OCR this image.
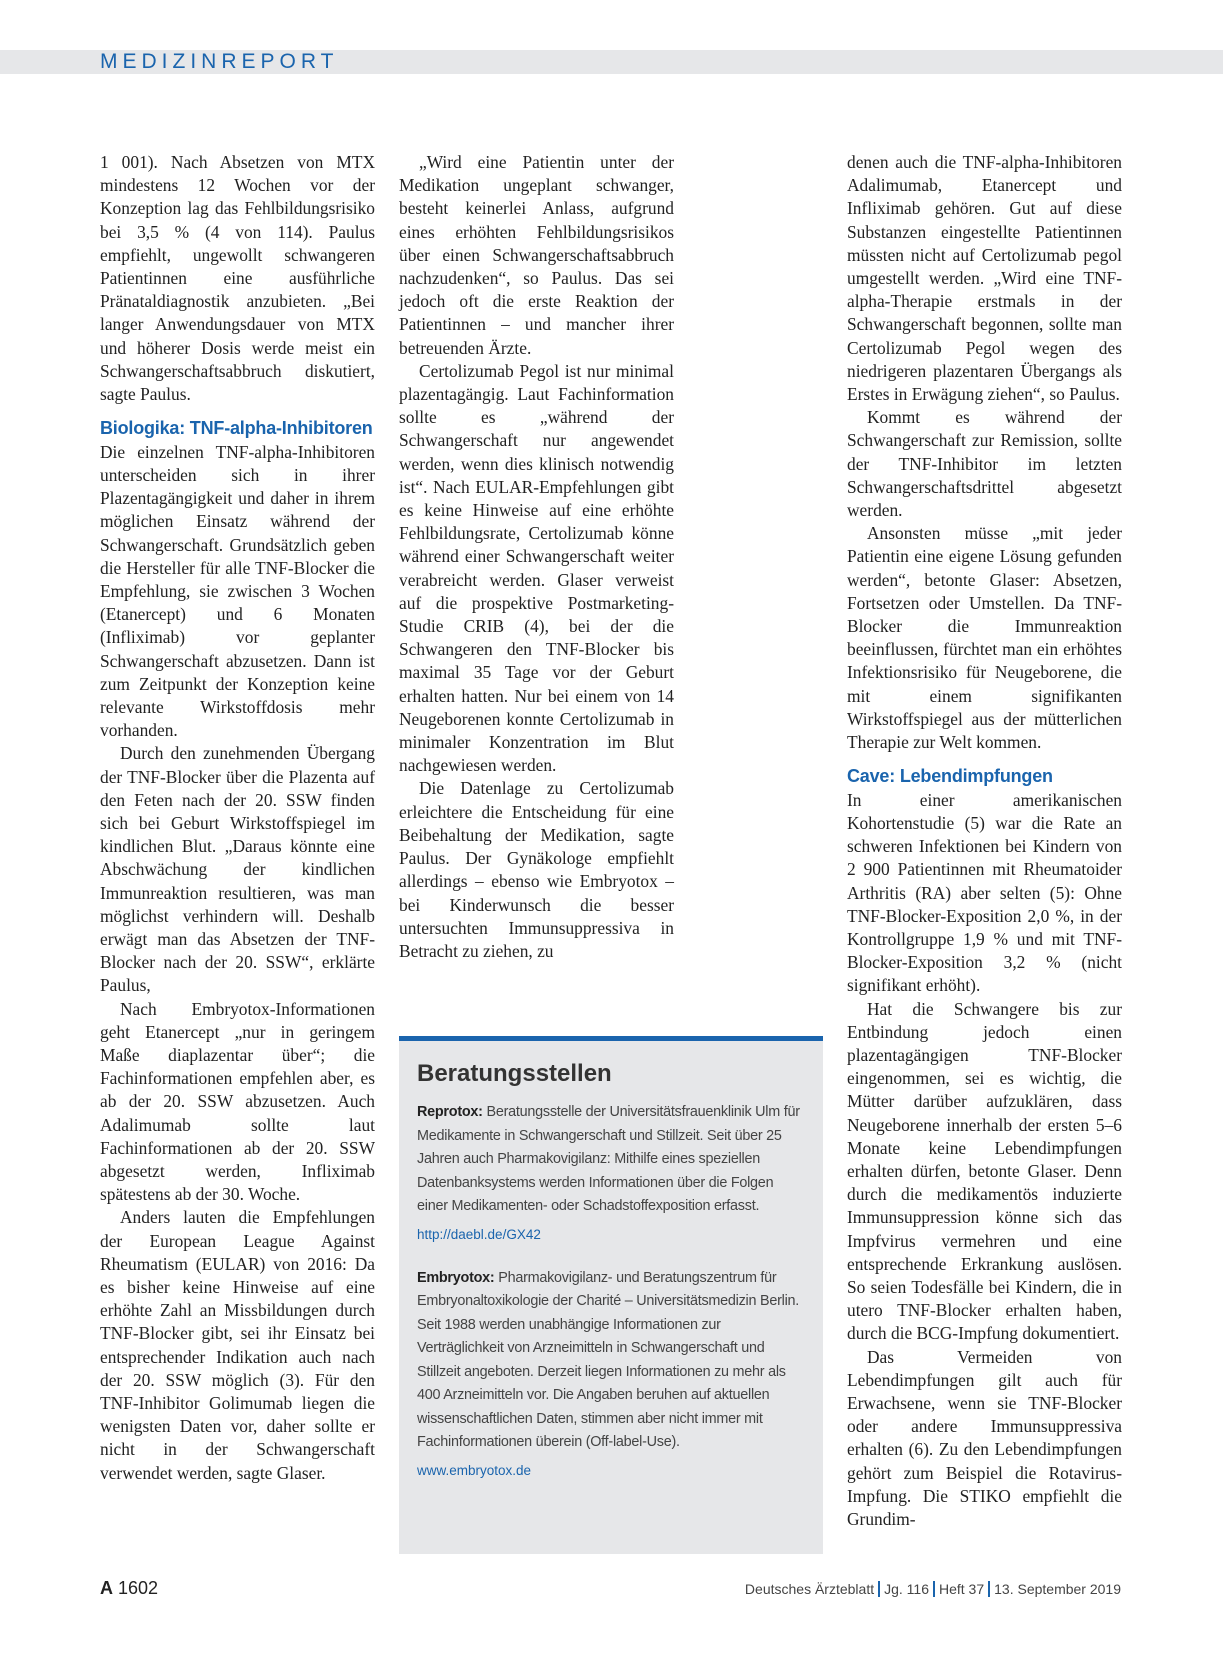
MEDIZINREPORT

1 001). Nach Absetzen von MTX mindestens 12 Wochen vor der Konzeption lag das Fehlbildungsrisiko bei 3,5 % (4 von 114). Paulus empfiehlt, ungewollt schwangeren Patientinnen eine ausführliche Pränataldiagnostik anzubieten. „Bei langer Anwendungsdauer von MTX und höherer Dosis werde meist ein Schwangerschaftsabbruch diskutiert, sagte Paulus.

Biologika: TNF-alpha-Inhibitoren

Die einzelnen TNF-alpha-Inhibitoren unterscheiden sich in ihrer Plazentagängigkeit und daher in ihrem möglichen Einsatz während der Schwangerschaft. Grundsätzlich geben die Hersteller für alle TNF-Blocker die Empfehlung, sie zwischen 3 Wochen (Etanercept) und 6 Monaten (Infliximab) vor geplanter Schwangerschaft abzusetzen. Dann ist zum Zeitpunkt der Konzeption keine relevante Wirkstoffdosis mehr vorhanden.

Durch den zunehmenden Übergang der TNF-Blocker über die Plazenta auf den Feten nach der 20. SSW finden sich bei Geburt Wirkstoffspiegel im kindlichen Blut. „Daraus könnte eine Abschwächung der kindlichen Immunreaktion resultieren, was man möglichst verhindern will. Deshalb erwägt man das Absetzen der TNF-Blocker nach der 20. SSW“, erklärte Paulus,

Nach Embryotox-Informationen geht Etanercept „nur in geringem Maße diaplazentar über“; die Fachinformationen empfehlen aber, es ab der 20. SSW abzusetzen. Auch Adalimumab sollte laut Fachinformationen ab der 20. SSW abgesetzt werden, Infliximab spätestens ab der 30. Woche.

Anders lauten die Empfehlungen der European League Against Rheumatism (EULAR) von 2016: Da es bisher keine Hinweise auf eine erhöhte Zahl an Missbildungen durch TNF-Blocker gibt, sei ihr Einsatz bei entsprechender Indikation auch nach der 20. SSW möglich (3). Für den TNF-Inhibitor Golimumab liegen die wenigsten Daten vor, daher sollte er nicht in der Schwangerschaft verwendet werden, sagte Glaser.

„Wird eine Patientin unter der Medikation ungeplant schwanger, besteht keinerlei Anlass, aufgrund eines erhöhten Fehlbildungsrisikos über einen Schwangerschaftsabbruch nachzudenken“, so Paulus. Das sei jedoch oft die erste Reaktion der Patientinnen – und mancher ihrer betreuenden Ärzte.

Certolizumab Pegol ist nur minimal plazentagängig. Laut Fachinformation sollte es „während der Schwangerschaft nur angewendet werden, wenn dies klinisch notwendig ist“. Nach EULAR-Empfehlungen gibt es keine Hinweise auf eine erhöhte Fehlbildungsrate, Certolizumab könne während einer Schwangerschaft weiter verabreicht werden. Glaser verweist auf die prospektive Postmarketing-Studie CRIB (4), bei der die Schwangeren den TNF-Blocker bis maximal 35 Tage vor der Geburt erhalten hatten. Nur bei einem von 14 Neugeborenen konnte Certolizumab in minimaler Konzentration im Blut nachgewiesen werden.

Die Datenlage zu Certolizumab erleichtere die Entscheidung für eine Beibehaltung der Medikation, sagte Paulus. Der Gynäkologe empfiehlt allerdings – ebenso wie Embryotox – bei Kinderwunsch die besser untersuchten Immunsuppressiva in Betracht zu ziehen, zu

Beratungsstellen

Reprotox: Beratungsstelle der Universitätsfrauenklinik Ulm für Medikamente in Schwangerschaft und Stillzeit. Seit über 25 Jahren auch Pharmakovigilanz: Mithilfe eines speziellen Datenbanksystems werden Informationen über die Folgen einer Medikamenten- oder Schadstoffexposition erfasst.

http://daebl.de/GX42

Embryotox: Pharmakovigilanz- und Beratungszentrum für Embryonaltoxikologie der Charité – Universitätsmedizin Berlin. Seit 1988 werden unabhängige Informationen zur Verträglichkeit von Arzneimitteln in Schwangerschaft und Stillzeit angeboten. Derzeit liegen Informationen zu mehr als 400 Arzneimitteln vor. Die Angaben beruhen auf aktuellen wissenschaftlichen Daten, stimmen aber nicht immer mit Fachinformationen überein (Off-label-Use).

www.embryotox.de

denen auch die TNF-alpha-Inhibitoren Adalimumab, Etanercept und Infliximab gehören. Gut auf diese Substanzen eingestellte Patientinnen müssten nicht auf Certolizumab pegol umgestellt werden. „Wird eine TNF-alpha-Therapie erstmals in der Schwangerschaft begonnen, sollte man Certolizumab Pegol wegen des niedrigeren plazentaren Übergangs als Erstes in Erwägung ziehen“, so Paulus.

Kommt es während der Schwangerschaft zur Remission, sollte der TNF-Inhibitor im letzten Schwangerschaftsdrittel abgesetzt werden.

Ansonsten müsse „mit jeder Patientin eine eigene Lösung gefunden werden“, betonte Glaser: Absetzen, Fortsetzen oder Umstellen. Da TNF-Blocker die Immunreaktion beeinflussen, fürchtet man ein erhöhtes Infektionsrisiko für Neugeborene, die mit einem signifikanten Wirkstoffspiegel aus der mütterlichen Therapie zur Welt kommen.

Cave: Lebendimpfungen

In einer amerikanischen Kohortenstudie (5) war die Rate an schweren Infektionen bei Kindern von 2 900 Patientinnen mit Rheumatoider Arthritis (RA) aber selten (5): Ohne TNF-Blocker-Exposition 2,0 %, in der Kontrollgruppe 1,9 % und mit TNF-Blocker-Exposition 3,2 % (nicht signifikant erhöht).

Hat die Schwangere bis zur Entbindung jedoch einen plazentagängigen TNF-Blocker eingenommen, sei es wichtig, die Mütter darüber aufzuklären, dass Neugeborene innerhalb der ersten 5–6 Monate keine Lebendimpfungen erhalten dürfen, betonte Glaser. Denn durch die medikamentös induzierte Immunsuppression könne sich das Impfvirus vermehren und eine entsprechende Erkrankung auslösen. So seien Todesfälle bei Kindern, die in utero TNF-Blocker erhalten haben, durch die BCG-Impfung dokumentiert.

Das Vermeiden von Lebendimpfungen gilt auch für Erwachsene, wenn sie TNF-Blocker oder andere Immunsuppressiva erhalten (6). Zu den Lebendimpfungen gehört zum Beispiel die Rotavirus-Impfung. Die STIKO empfiehlt die Grundim-

A 1602	Deutsches Ärzteblatt Jg. 116 Heft 37 13. September 2019
